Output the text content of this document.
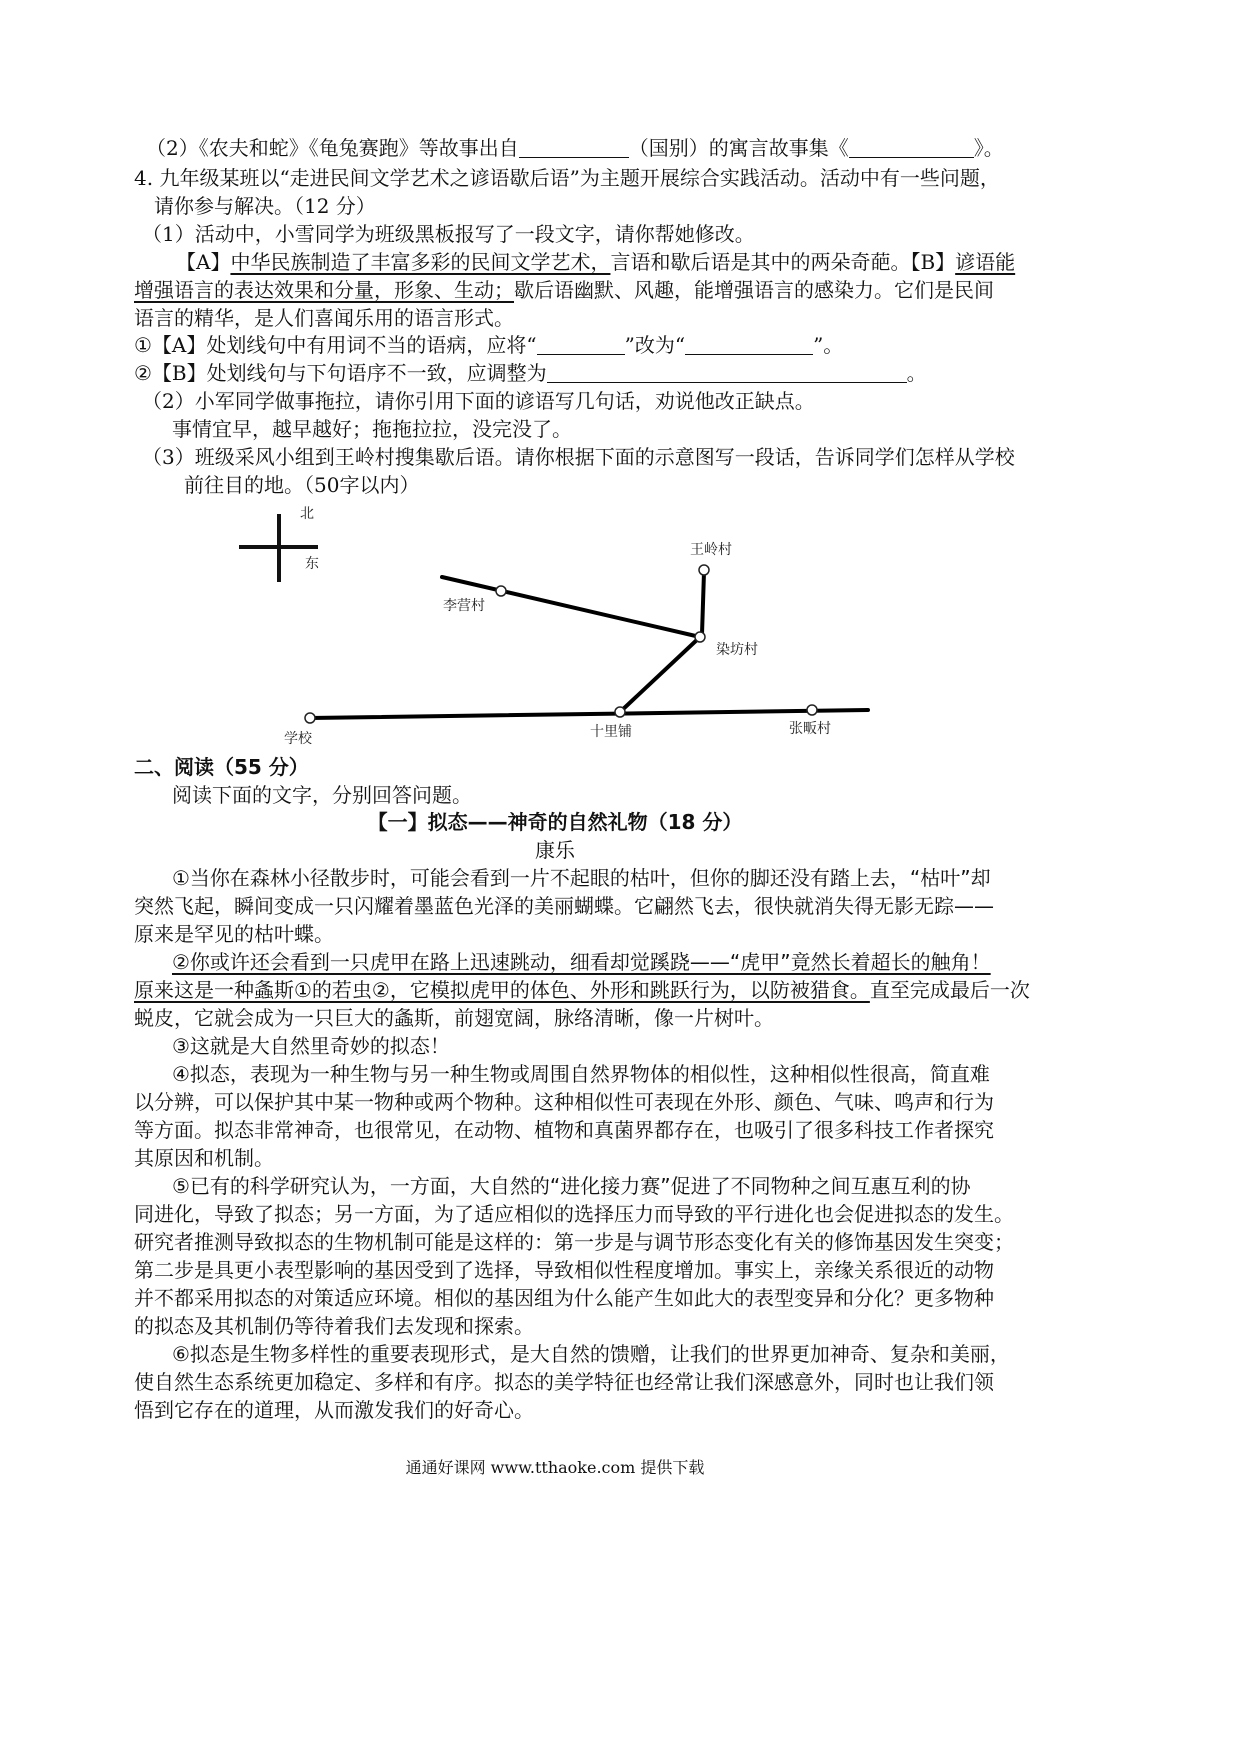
（2）《农夫和蛇》《龟兔赛跑》等故事出自	（国别）的寓言故事集《	》。
4. 九年级某班以“走进民间文学艺术之谚语歇后语”为主题开展综合实践活动。活动中有一些问题，
请你参与解决。（12 分）
（1）活动中，小雪同学为班级黑板报写了一段文字，请你帮她修改。
【A】中华民族制造了丰富多彩的民间文学艺术，言语和歇后语是其中的两朵奇葩。【B】谚语能
增强语言的表达效果和分量，形象、生动；歇后语幽默、风趣，能增强语言的感染力。它们是民间
语言的精华，是人们喜闻乐用的语言形式。
①【A】处划线句中有用词不当的语病，应将“	”改为“	”。
②【B】处划线句与下句语序不一致，应调整为	。
（2）小军同学做事拖拉，请你引用下面的谚语写几句话，劝说他改正缺点。
事情宜早，越早越好；拖拖拉拉，没完没了。
（3）班级采风小组到王岭村搜集歇后语。请你根据下面的示意图写一段话，告诉同学们怎样从学校
前往目的地。（50字以内）
北
东
王岭村
李营村
染坊村
学校	十里铺	张畈村
二、阅读（55 分）
阅读下面的文字，分别回答问题。
【一】拟态——神奇的自然礼物（18 分）
康乐
①当你在森林小径散步时，可能会看到一片不起眼的枯叶，但你的脚还没有踏上去，“枯叶”却
突然飞起，瞬间变成一只闪耀着墨蓝色光泽的美丽蝴蝶。它翩然飞去，很快就消失得无影无踪——
原来是罕见的枯叶蝶。
②你或许还会看到一只虎甲在路上迅速跳动，细看却觉蹊跷——“虎甲”竟然长着超长的触角！
原来这是一种螽斯①的若虫②，它模拟虎甲的体色、外形和跳跃行为，以防被猎食。直至完成最后一次
蜕皮，它就会成为一只巨大的螽斯，前翅宽阔，脉络清晰，像一片树叶。
③这就是大自然里奇妙的拟态！
④拟态，表现为一种生物与另一种生物或周围自然界物体的相似性，这种相似性很高，简直难
以分辨，可以保护其中某一物种或两个物种。这种相似性可表现在外形、颜色、气味、鸣声和行为
等方面。拟态非常神奇，也很常见，在动物、植物和真菌界都存在，也吸引了很多科技工作者探究
其原因和机制。
⑤已有的科学研究认为，一方面，大自然的“进化接力赛”促进了不同物种之间互惠互利的协
同进化，导致了拟态；另一方面，为了适应相似的选择压力而导致的平行进化也会促进拟态的发生。
研究者推测导致拟态的生物机制可能是这样的：第一步是与调节形态变化有关的修饰基因发生突变；
第二步是具更小表型影响的基因受到了选择，导致相似性程度增加。事实上，亲缘关系很近的动物
并不都采用拟态的对策适应环境。相似的基因组为什么能产生如此大的表型变异和分化？更多物种
的拟态及其机制仍等待着我们去发现和探索。
⑥拟态是生物多样性的重要表现形式，是大自然的馈赠，让我们的世界更加神奇、复杂和美丽，
使自然生态系统更加稳定、多样和有序。拟态的美学特征也经常让我们深感意外，同时也让我们领
悟到它存在的道理，从而激发我们的好奇心。
通通好课网 www.tthaoke.com 提供下载
